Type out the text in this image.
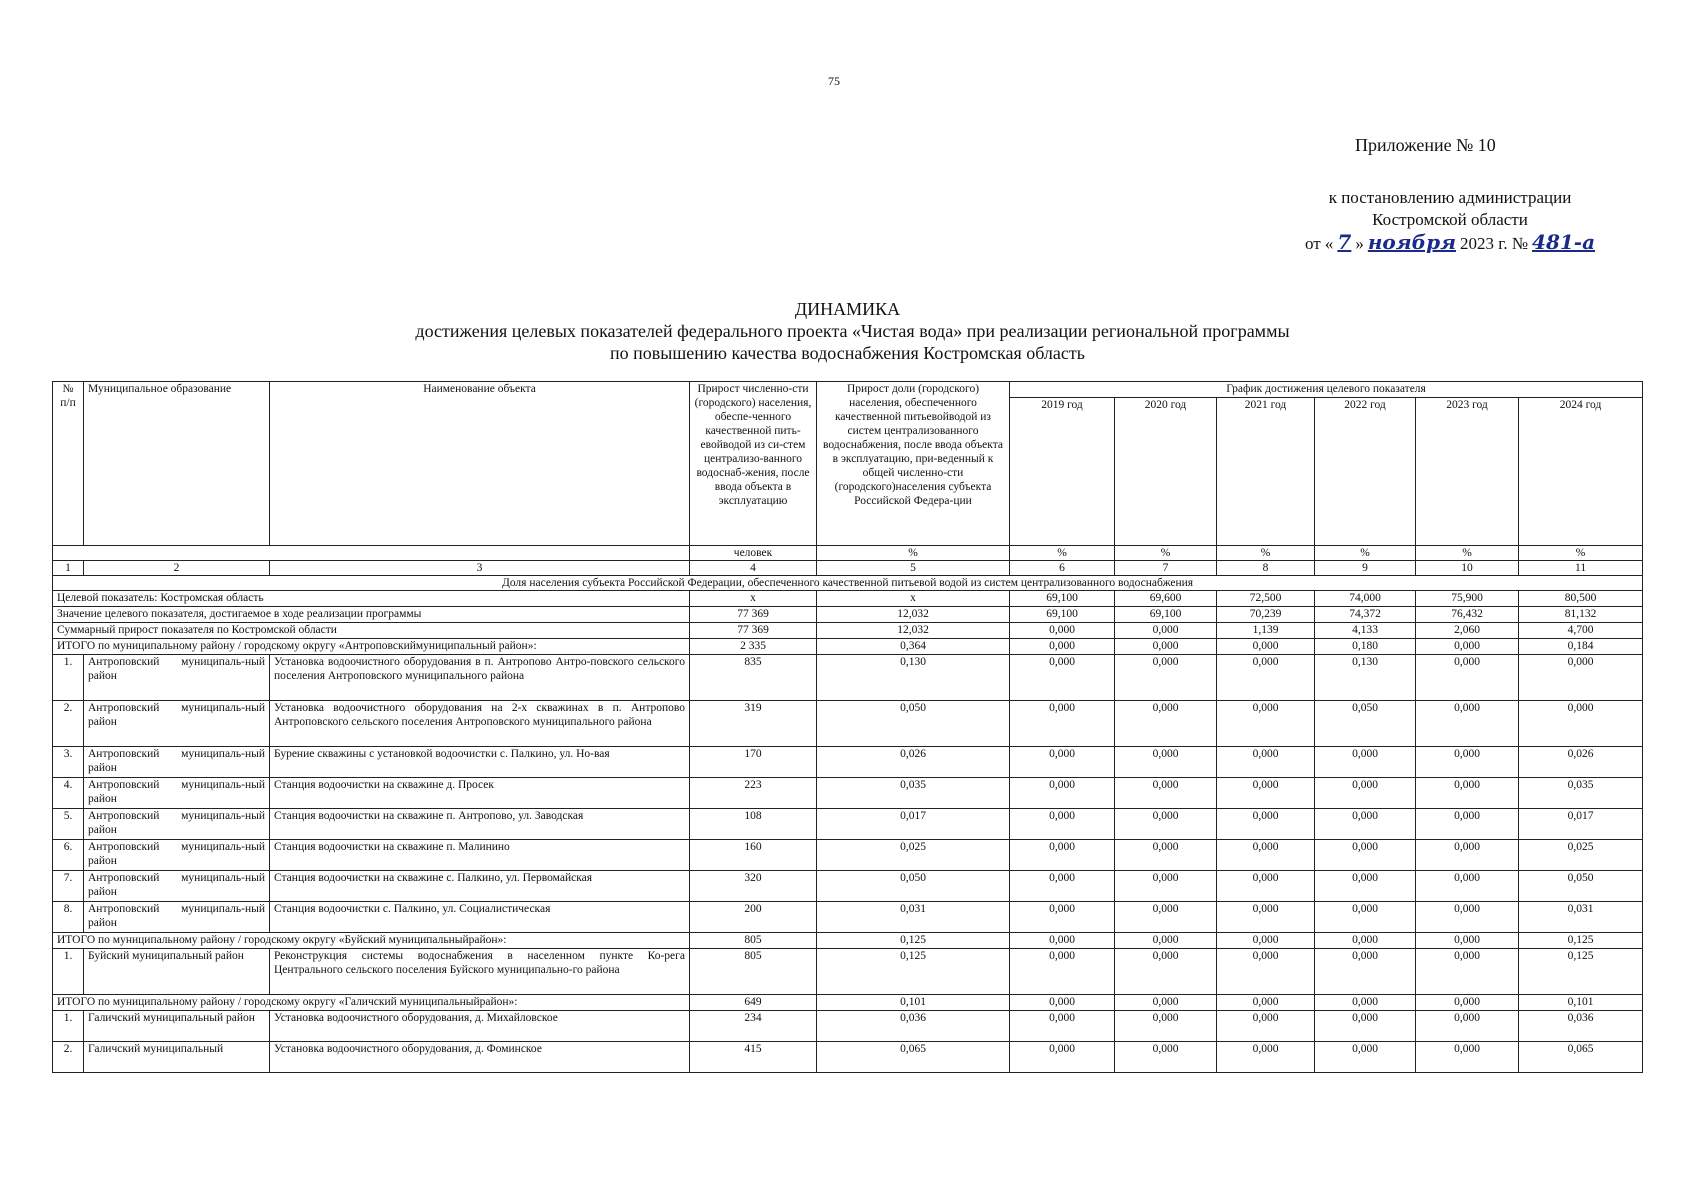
75
Приложение № 10
к постановлению администрации
Костромской области
от « 7 » ноября 2023 г. № 481-а
ДИНАМИКА
достижения целевых показателей федерального проекта «Чистая вода» при реализации региональной программы
по повышению качества водоснабжения Костромская область
№ п/п	Муниципальное образование	Наименование объекта	Прирост численно-сти (городского) населения, обеспе-ченного качественной пить-евойводой из си-стем централизо-ванного водоснаб-жения, после ввода объекта в эксплуатацию	Прирост доли (городского) населения, обеспеченного качественной питьевойводой из систем централизованного водоснабжения, после ввода объекта в эксплуатацию, при-веденный к общей численно-сти (городского)населения субъекта Российской Федера-ции	График достижения целевого показателя					
					2019 год	2020 год	2021 год	2022 год	2023 год	2024 год
			человек	%	%	%	%	%	%	%
1	2	3	4	5	6	7	8	9	10	11
Доля населения субъекта Российской Федерации, обеспеченного качественной питьевой водой из систем централизованного водоснабжения										
Целевой показатель: Костромская область			х	х	69,100	69,600	72,500	74,000	75,900	80,500
Значение целевого показателя, достигаемое в ходе реализации программы			77 369	12,032	69,100	69,100	70,239	74,372	76,432	81,132
Суммарный прирост показателя по Костромской области			77 369	12,032	0,000	0,000	1,139	4,133	2,060	4,700
ИТОГО по муниципальному району / городскому округу «Антроповскиймуниципальный район»:			2 335	0,364	0,000	0,000	0,000	0,180	0,000	0,184
1.	Антроповский муниципаль-ный район	Установка водоочистного оборудования в п. Антропово Антро-повского сельского поселения Антроповского муниципального района	835	0,130	0,000	0,000	0,000	0,130	0,000	0,000
2.	Антроповский муниципаль-ный район	Установка водоочистного оборудования на 2-х скважинах в п. Антропово Антроповского сельского поселения Антроповского муниципального района	319	0,050	0,000	0,000	0,000	0,050	0,000	0,000
3.	Антроповский муниципаль-ный район	Бурение скважины с установкой водоочистки с. Палкино, ул. Но-вая	170	0,026	0,000	0,000	0,000	0,000	0,000	0,026
4.	Антроповский муниципаль-ный район	Станция водоочистки на скважине д. Просек	223	0,035	0,000	0,000	0,000	0,000	0,000	0,035
5.	Антроповский муниципаль-ный район	Станция водоочистки на скважине п. Антропово, ул. Заводская	108	0,017	0,000	0,000	0,000	0,000	0,000	0,017
6.	Антроповский муниципаль-ный район	Станция водоочистки на скважине п. Малинино	160	0,025	0,000	0,000	0,000	0,000	0,000	0,025
7.	Антроповский муниципаль-ный район	Станция водоочистки на скважине с. Палкино, ул. Первомайская	320	0,050	0,000	0,000	0,000	0,000	0,000	0,050
8.	Антроповский муниципаль-ный район	Станция водоочистки с. Палкино, ул. Социалистическая	200	0,031	0,000	0,000	0,000	0,000	0,000	0,031
ИТОГО по муниципальному району / городскому округу «Буйский муниципальныйрайон»:			805	0,125	0,000	0,000	0,000	0,000	0,000	0,125
1.	Буйский муниципальный район	Реконструкция системы водоснабжения в населенном пункте Ко-рега Центрального сельского поселения Буйского муниципально-го района	805	0,125	0,000	0,000	0,000	0,000	0,000	0,125
ИТОГО по муниципальному району / городскому округу «Галичский муниципальныйрайон»:			649	0,101	0,000	0,000	0,000	0,000	0,000	0,101
1.	Галичский муниципальный район	Установка водоочистного оборудования, д. Михайловское	234	0,036	0,000	0,000	0,000	0,000	0,000	0,036
2.	Галичский муниципальный	Установка водоочистного оборудования, д. Фоминское	415	0,065	0,000	0,000	0,000	0,000	0,000	0,065
